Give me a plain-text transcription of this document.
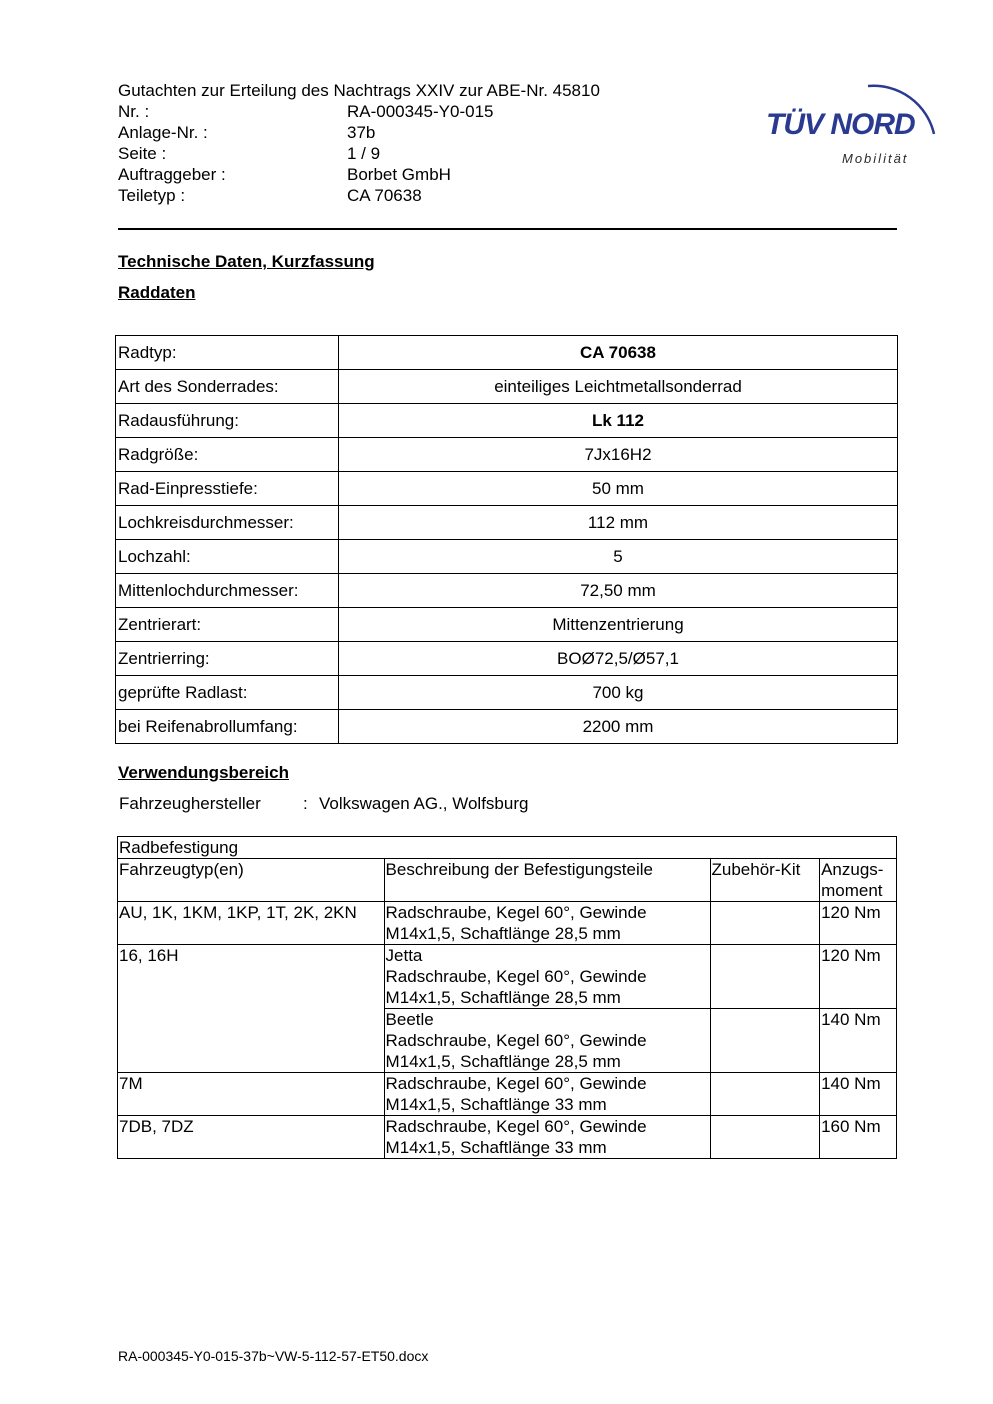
Gutachten zur Erteilung des Nachtrags XXIV zur ABE-Nr. 45810
Nr. :	RA-000345-Y0-015
Anlage-Nr. :	37b
Seite :	1 / 9
Auftraggeber :	Borbet GmbH
Teiletyp :	CA 70638
TÜV NORD
Mobilität
Technische Daten, Kurzfassung
Raddaten
Radtyp:	CA 70638
Art des Sonderrades:	einteiliges Leichtmetallsonderrad
Radausführung:	Lk 112
Radgröße:	7Jx16H2
Rad-Einpresstiefe:	50 mm
Lochkreisdurchmesser:	112 mm
Lochzahl:	5
Mittenlochdurchmesser:	72,50 mm
Zentrierart:	Mittenzentrierung
Zentrierring:	BOØ72,5/Ø57,1
geprüfte Radlast:	700 kg
bei Reifenabrollumfang:	2200 mm
Verwendungsbereich
Fahrzeughersteller	: Volkswagen AG., Wolfsburg
Radbefestigung			
Fahrzeugtyp(en)	Beschreibung der Befestigungsteile	Zubehör-Kit	Anzugs-
moment

AU, 1K, 1KM, 1KP, 1T, 2K, 2KN	Radschraube, Kegel 60°, Gewinde
M14x1,5, Schaftlänge 28,5 mm		120 Nm
16, 16H	Jetta
Radschraube, Kegel 60°, Gewinde
M14x1,5, Schaftlänge 28,5 mm		120 Nm

	Beetle
Radschraube, Kegel 60°, Gewinde
M14x1,5, Schaftlänge 28,5 mm		140 Nm
7M	Radschraube, Kegel 60°, Gewinde
M14x1,5, Schaftlänge 33 mm		140 Nm
7DB, 7DZ	Radschraube, Kegel 60°, Gewinde
M14x1,5, Schaftlänge 33 mm		160 Nm
RA-000345-Y0-015-37b~VW-5-112-57-ET50.docx
